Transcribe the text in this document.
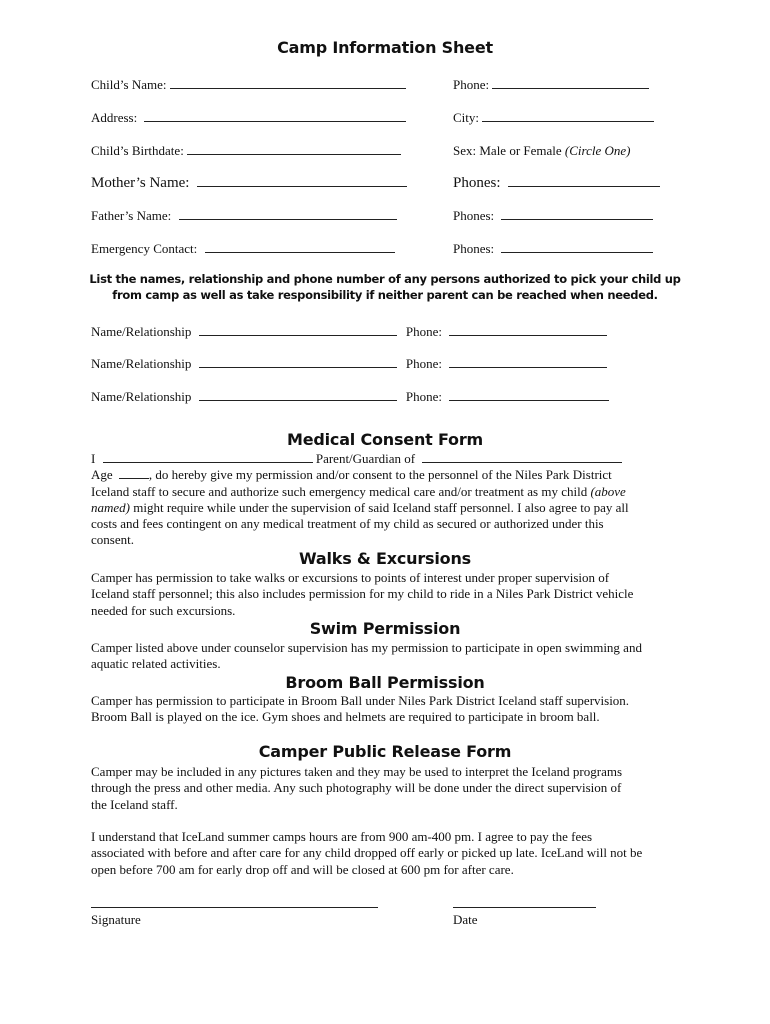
Camp Information Sheet
Child’s Name:	Phone:
Address:	City:
Child’s Birthdate:	Sex: Male or Female (Circle One)
Mother’s Name:	Phones:
Father’s Name:	Phones:
Emergency Contact:	Phones:
List the names, relationship and phone number of any persons authorized to pick your child up
from camp as well as take responsibility if neither parent can be reached when needed.
Name/Relationship	Phone:
Name/Relationship	Phone:
Name/Relationship	Phone:
Medical Consent Form
I	Parent/Guardian of
Age	, do hereby give my permission and/or consent to the personnel of the Niles Park District
Iceland staff to secure and authorize such emergency medical care and/or treatment as my child (above
named) might require while under the supervision of said Iceland staff personnel. I also agree to pay all
costs and fees contingent on any medical treatment of my child as secured or authorized under this
consent.
Walks & Excursions
Camper has permission to take walks or excursions to points of interest under proper supervision of
Iceland staff personnel; this also includes permission for my child to ride in a Niles Park District vehicle
needed for such excursions.
Swim Permission
Camper listed above under counselor supervision has my permission to participate in open swimming and
aquatic related activities.
Broom Ball Permission
Camper has permission to participate in Broom Ball under Niles Park District Iceland staff supervision.
Broom Ball is played on the ice. Gym shoes and helmets are required to participate in broom ball.
Camper Public Release Form
Camper may be included in any pictures taken and they may be used to interpret the Iceland programs
through the press and other media. Any such photography will be done under the direct supervision of
the Iceland staff.
I understand that IceLand summer camps hours are from 900 am-400 pm. I agree to pay the fees
associated with before and after care for any child dropped off early or picked up late. IceLand will not be
open before 700 am for early drop off and will be closed at 600 pm for after care.
Signature	Date
